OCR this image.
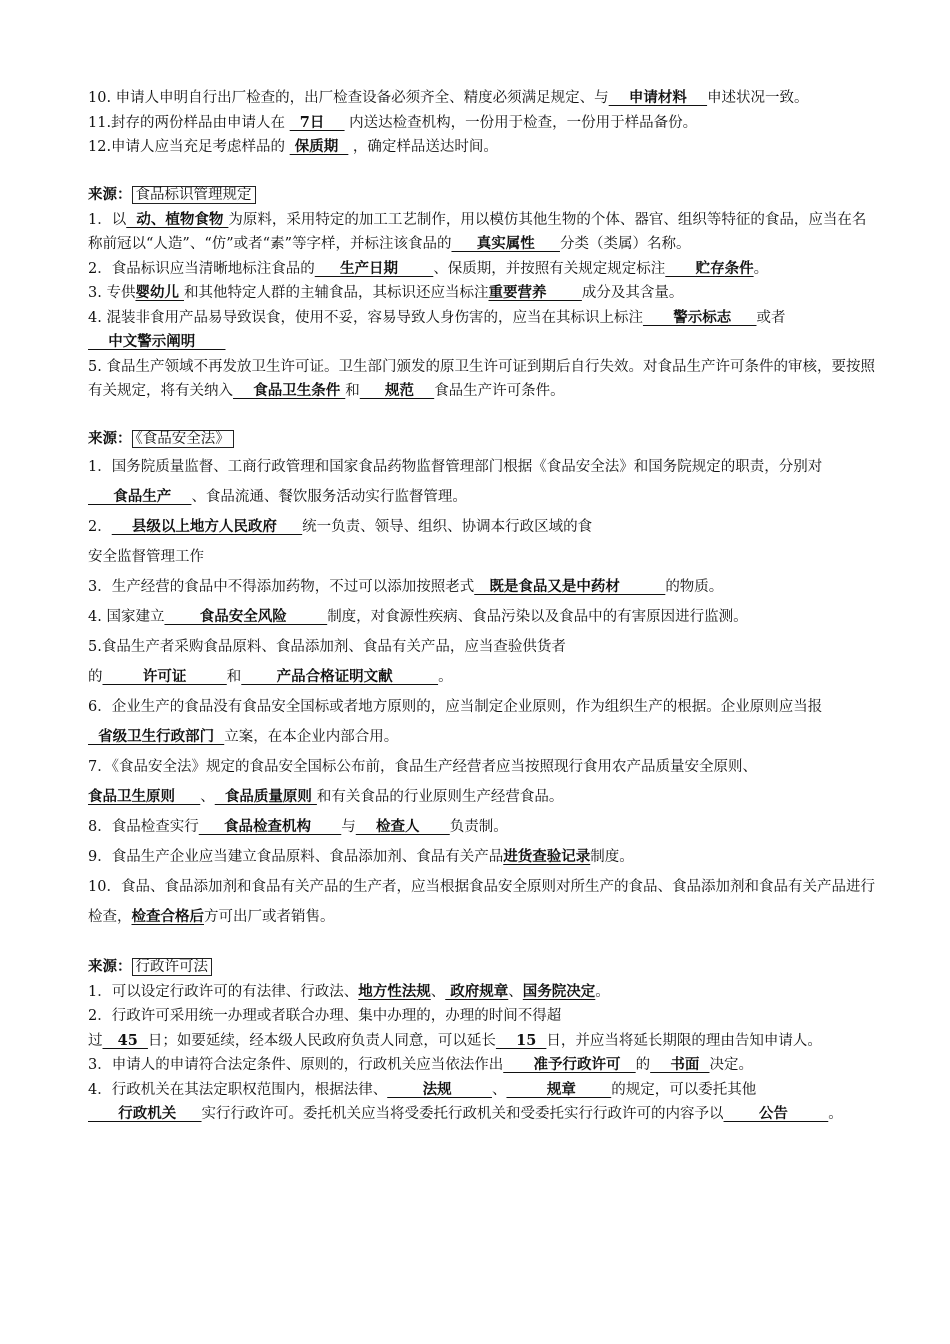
10. 申请人申明自行出厂检查的，出厂检查设备必须齐全、精度必须满足规定、与    申请材料    申述状况一致。

11.封存的两份样品由申请人在   7日     内送达检查机构，一份用于检查，一份用于样品备份。

12.申请人应当充足考虑样品的  保质期   ，确定样品送达时间。

来源： 食品标识管理规定

1．以  动、植物食物 为原料，采用特定的加工工艺制作，用以模仿其他生物的个体、器官、组织等特征的食品，应当在名称前冠以“人造”、“仿”或者“素”等字样，并标注该食品的     真实属性     分类（类属）名称。

2．食品标识应当清晰地标注食品的     生产日期       、保质期，并按照有关规定规定标注      贮存条件。

3. 专供婴幼儿 和其他特定人群的主辅食品，其标识还应当标注重要营养       成分及其含量。

4. 混装非食用产品易导致误食，使用不妥，容易导致人身伤害的，应当在其标识上标注      警示标志     或者    中文警示阐明

5. 食品生产领域不再发放卫生许可证。卫生部门颁发的原卫生许可证到期后自行失效。对食品生产许可条件的审核，要按照有关规定，将有关纳入    食品卫生条件 和     规范    食品生产许可条件。

来源： 《食品安全法》

1．国务院质量监督、工商行政管理和国家食品药物监督管理部门根据《食品安全法》和国务院规定的职责，分别对     食品生产    、食品流通、餐饮服务活动实行监督管理。

2．    县级以上地方人民政府     统一负责、领导、组织、协调本行政区域的食
安全监督管理工作

3．生产经营的食品中不得添加药物，不过可以添加按照老式   既是食品又是中药材         的物质。

4. 国家建立       食品安全风险        制度，对食源性疾病、食品污染以及食品中的有害原因进行监测。

5.食品生产者采购食品原料、食品添加剂、食品有关产品，应当查验供货者
的        许可证        和       产品合格证明文献         。

6．企业生产的食品没有食品安全国标或者地方原则的，应当制定企业原则，作为组织生产的根据。企业原则应当报  省级卫生行政部门  立案，在本企业内部合用。

7．《食品安全法》规定的食品安全国标公布前，食品生产经营者应当按照现行食用农产品质量安全原则、食品卫生原则     、  食品质量原则 和有关食品的行业原则生产经营食品。

8．食品检查实行     食品检查机构      与    检查人      负责制。

9．食品生产企业应当建立食品原料、食品添加剂、食品有关产品进货查验记录制度。

10．食品、食品添加剂和食品有关产品的生产者，应当根据食品安全原则对所生产的食品、食品添加剂和食品有关产品进行检查，检查合格后方可出厂或者销售。

来源： 行政许可法

1．可以设定行政许可的有法律、行政法、地方性法规、 政府规章、国务院决定。

2．行政许可采用统一办理或者联合办理、集中办理的，办理的时间不得超
过   45  日；如要延续，经本级人民政府负责人同意，可以延长    15  日，并应当将延长期限的理由告知申请人。

3．申请人的申请符合法定条件、原则的，行政机关应当依法作出      准予行政许可   的    书面  决定。

4．行政机关在其法定职权范围内，根据法律、       法规        、        规章       的规定，可以委托其他      行政机关     实行行政许可。委托机关应当将受委托行政机关和受委托实行行政许可的内容予以       公告        。
